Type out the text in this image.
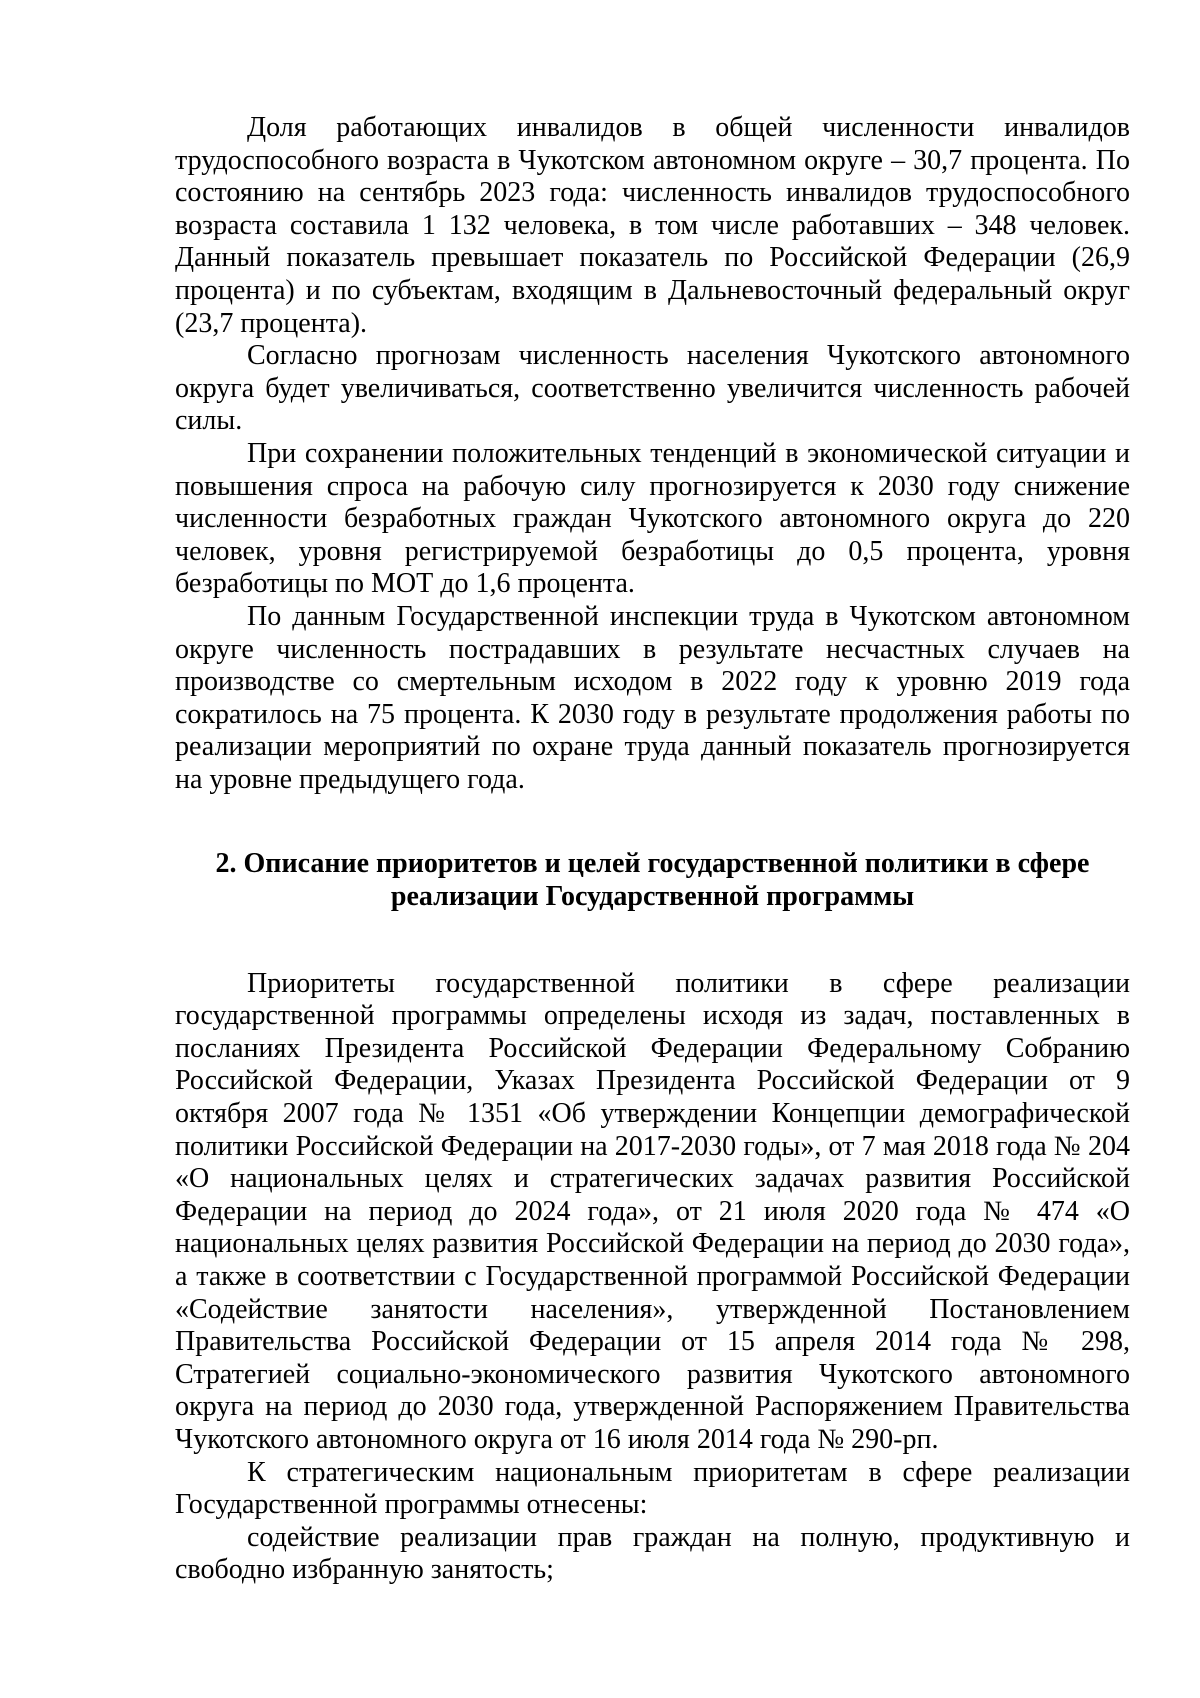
Доля работающих инвалидов в общей численности инвалидов трудоспособного возраста в Чукотском автономном округе – 30,7 процента. По состоянию на сентябрь 2023 года: численность инвалидов трудоспособного возраста составила 1 132 человека, в том числе работавших – 348 человек. Данный показатель превышает показатель по Российской Федерации (26,9 процента) и по субъектам, входящим в Дальневосточный федеральный округ (23,7 процента).

Согласно прогнозам численность населения Чукотского автономного округа будет увеличиваться, соответственно увеличится численность рабочей силы.

При сохранении положительных тенденций в экономической ситуации и повышения спроса на рабочую силу прогнозируется к 2030 году снижение численности безработных граждан Чукотского автономного округа до 220 человек, уровня регистрируемой безработицы до 0,5 процента, уровня безработицы по МОТ до 1,6 процента.

По данным Государственной инспекции труда в Чукотском автономном округе численность пострадавших в результате несчастных случаев на производстве со смертельным исходом в 2022 году к уровню 2019 года сократилось на 75 процента. К 2030 году в результате продолжения работы по реализации мероприятий по охране труда данный показатель прогнозируется на уровне предыдущего года.

2. Описание приоритетов и целей государственной политики в сфере реализации Государственной программы

Приоритеты государственной политики в сфере реализации государственной программы определены исходя из задач, поставленных в посланиях Президента Российской Федерации Федеральному Собранию Российской Федерации, Указах Президента Российской Федерации от 9 октября 2007 года № 1351 «Об утверждении Концепции демографической политики Российской Федерации на 2017-2030 годы», от 7 мая 2018 года № 204 «О национальных целях и стратегических задачах развития Российской Федерации на период до 2024 года», от 21 июля 2020 года № 474 «О национальных целях развития Российской Федерации на период до 2030 года», а также в соответствии с Государственной программой Российской Федерации «Содействие занятости населения», утвержденной Постановлением Правительства Российской Федерации от 15 апреля 2014 года № 298, Стратегией социально-экономического развития Чукотского автономного округа на период до 2030 года, утвержденной Распоряжением Правительства Чукотского автономного округа от 16 июля 2014 года № 290-рп.

К стратегическим национальным приоритетам в сфере реализации Государственной программы отнесены:

содействие реализации прав граждан на полную, продуктивную и свободно избранную занятость;
